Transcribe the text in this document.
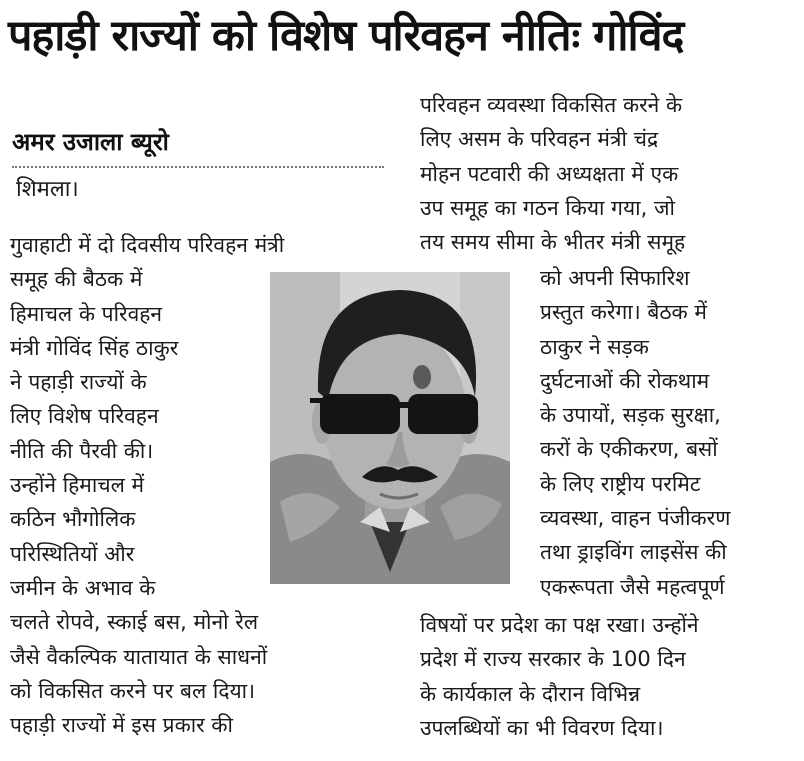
पहाड़ी राज्यों को विशेष परिवहन नीतिः गोविंद
अमर उजाला ब्यूरो
शिमला।
गुवाहाटी में दो दिवसीय परिवहन मंत्री
समूह की बैठक में
हिमाचल के परिवहन
मंत्री गोविंद सिंह ठाकुर
ने पहाड़ी राज्यों के
लिए विशेष परिवहन
नीति की पैरवी की।
उन्होंने हिमाचल में
कठिन भौगोलिक
परिस्थितियों और
जमीन के अभाव के
चलते रोपवे, स्काई बस, मोनो रेल
जैसे वैकल्पिक यातायात के साधनों
को विकसित करने पर बल दिया।
पहाड़ी राज्यों में इस प्रकार की
परिवहन व्यवस्था विकसित करने के
लिए असम के परिवहन मंत्री चंद्र
मोहन पटवारी की अध्यक्षता में एक
उप समूह का गठन किया गया, जो
तय समय सीमा के भीतर मंत्री समूह
को अपनी सिफारिश
प्रस्तुत करेगा। बैठक में
ठाकुर ने सड़क
दुर्घटनाओं की रोकथाम
के उपायों, सड़क सुरक्षा,
करों के एकीकरण, बसों
के लिए राष्ट्रीय परमिट
व्यवस्था, वाहन पंजीकरण
तथा ड्राइविंग लाइसेंस की
एकरूपता जैसे महत्वपूर्ण
विषयों पर प्रदेश का पक्ष रखा। उन्होंने
प्रदेश में राज्य सरकार के 100 दिन
के कार्यकाल के दौरान विभिन्न
उपलब्धियों का भी विवरण दिया।
